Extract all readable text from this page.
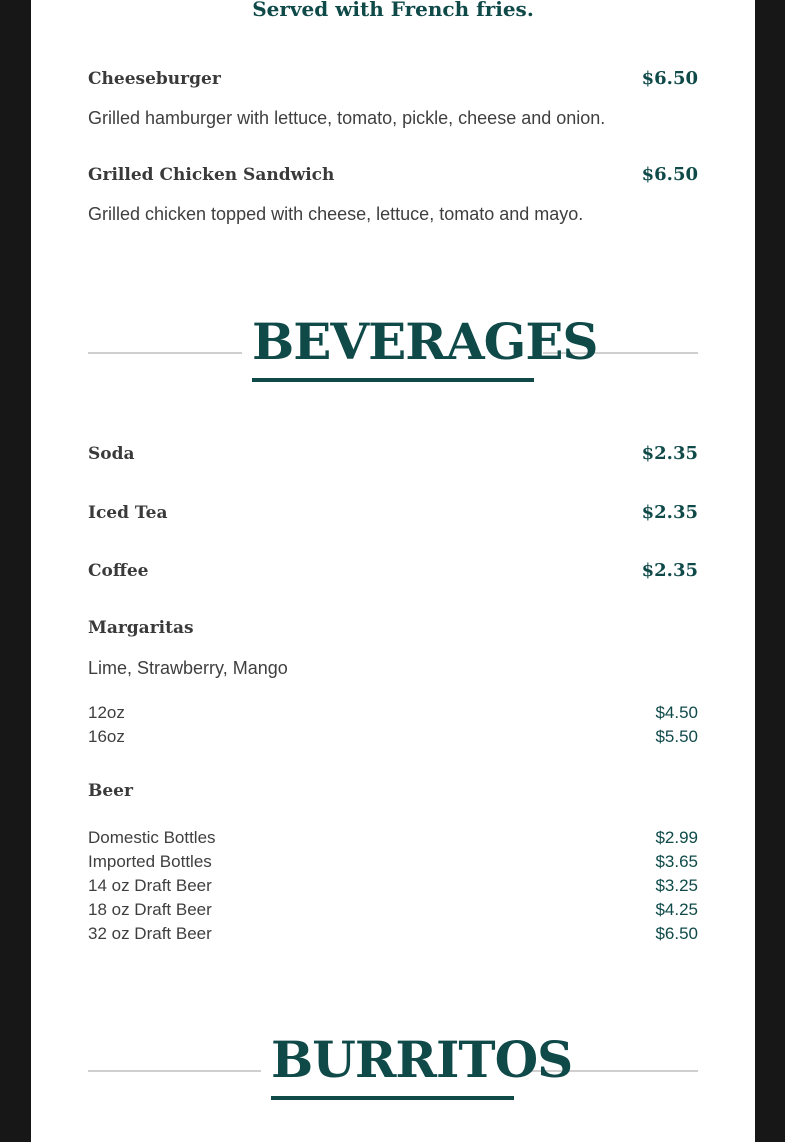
Served with French fries.
Cheeseburger	$6.50
Grilled hamburger with lettuce, tomato, pickle, cheese and onion.
Grilled Chicken Sandwich	$6.50
Grilled chicken topped with cheese, lettuce, tomato and mayo.
BEVERAGES
Soda	$2.35
Iced Tea	$2.35
Coffee	$2.35
Margaritas
Lime, Strawberry, Mango
12oz	$4.50
16oz	$5.50
Beer
Domestic Bottles	$2.99
Imported Bottles	$3.65
14 oz Draft Beer	$3.25
18 oz Draft Beer	$4.25
32 oz Draft Beer	$6.50
BURRITOS
